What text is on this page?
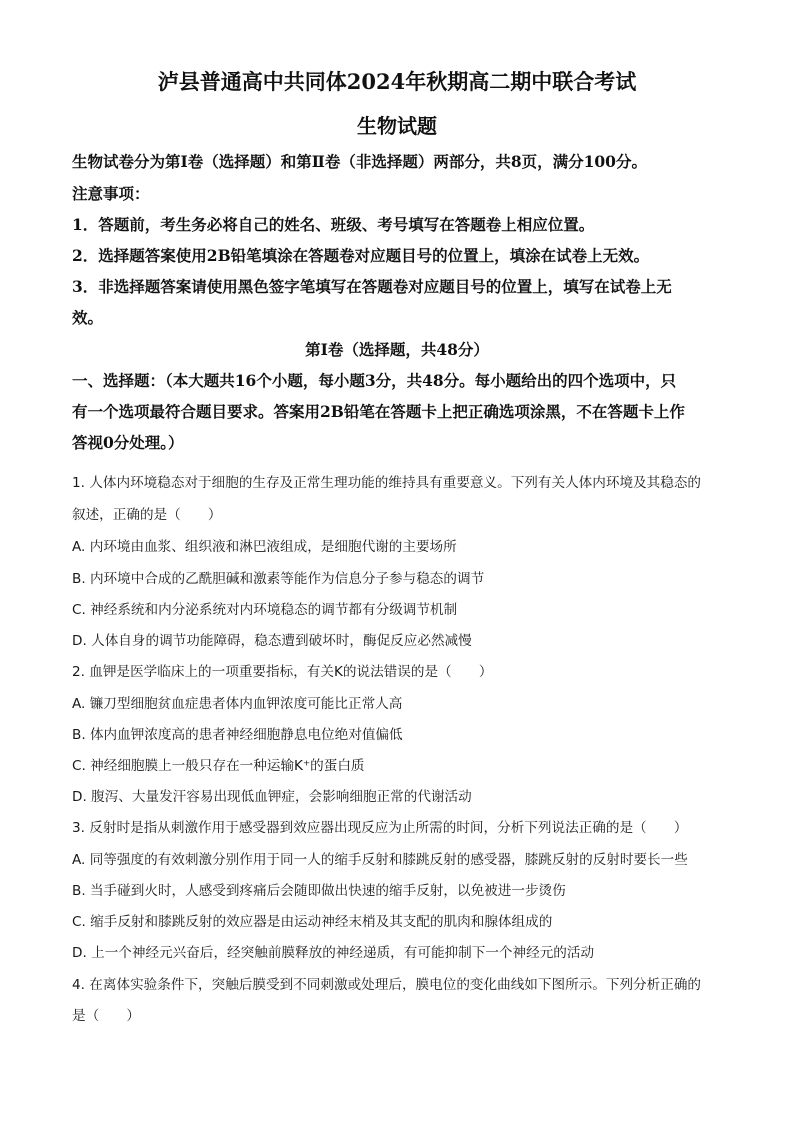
泸县普通高中共同体2024年秋期高二期中联合考试
生物试题
生物试卷分为第Ⅰ卷（选择题）和第Ⅱ卷（非选择题）两部分，共8页，满分100分。
注意事项：
1．答题前，考生务必将自己的姓名、班级、考号填写在答题卷上相应位置。
2．选择题答案使用2B铅笔填涂在答题卷对应题目号的位置上，填涂在试卷上无效。
3．非选择题答案请使用黑色签字笔填写在答题卷对应题目号的位置上，填写在试卷上无
效。
第Ⅰ卷（选择题，共48分）
一、选择题：（本大题共16个小题，每小题3分，共48分。每小题给出的四个选项中，只
有一个选项最符合题目要求。答案用2B铅笔在答题卡上把正确选项涂黑，不在答题卡上作
答视0分处理。）
1. 人体内环境稳态对于细胞的生存及正常生理功能的维持具有重要意义。下列有关人体内环境及其稳态的
叙述，正确的是（　　）
A. 内环境由血浆、组织液和淋巴液组成，是细胞代谢的主要场所
B. 内环境中合成的乙酰胆碱和激素等能作为信息分子参与稳态的调节
C. 神经系统和内分泌系统对内环境稳态的调节都有分级调节机制
D. 人体自身的调节功能障碍，稳态遭到破坏时，酶促反应必然减慢
2. 血钾是医学临床上的一项重要指标，有关K的说法错误的是（　　）
A. 镰刀型细胞贫血症患者体内血钾浓度可能比正常人高
B. 体内血钾浓度高的患者神经细胞静息电位绝对值偏低
C. 神经细胞膜上一般只存在一种运输K⁺的蛋白质
D. 腹泻、大量发汗容易出现低血钾症，会影响细胞正常的代谢活动
3. 反射时是指从刺激作用于感受器到效应器出现反应为止所需的时间，分析下列说法正确的是（　　）
A. 同等强度的有效刺激分别作用于同一人的缩手反射和膝跳反射的感受器，膝跳反射的反射时要长一些
B. 当手碰到火时，人感受到疼痛后会随即做出快速的缩手反射，以免被进一步烫伤
C. 缩手反射和膝跳反射的效应器是由运动神经末梢及其支配的肌肉和腺体组成的
D. 上一个神经元兴奋后，经突触前膜释放的神经递质，有可能抑制下一个神经元的活动
4. 在离体实验条件下，突触后膜受到不同刺激或处理后，膜电位的变化曲线如下图所示。下列分析正确的
是（　　）
